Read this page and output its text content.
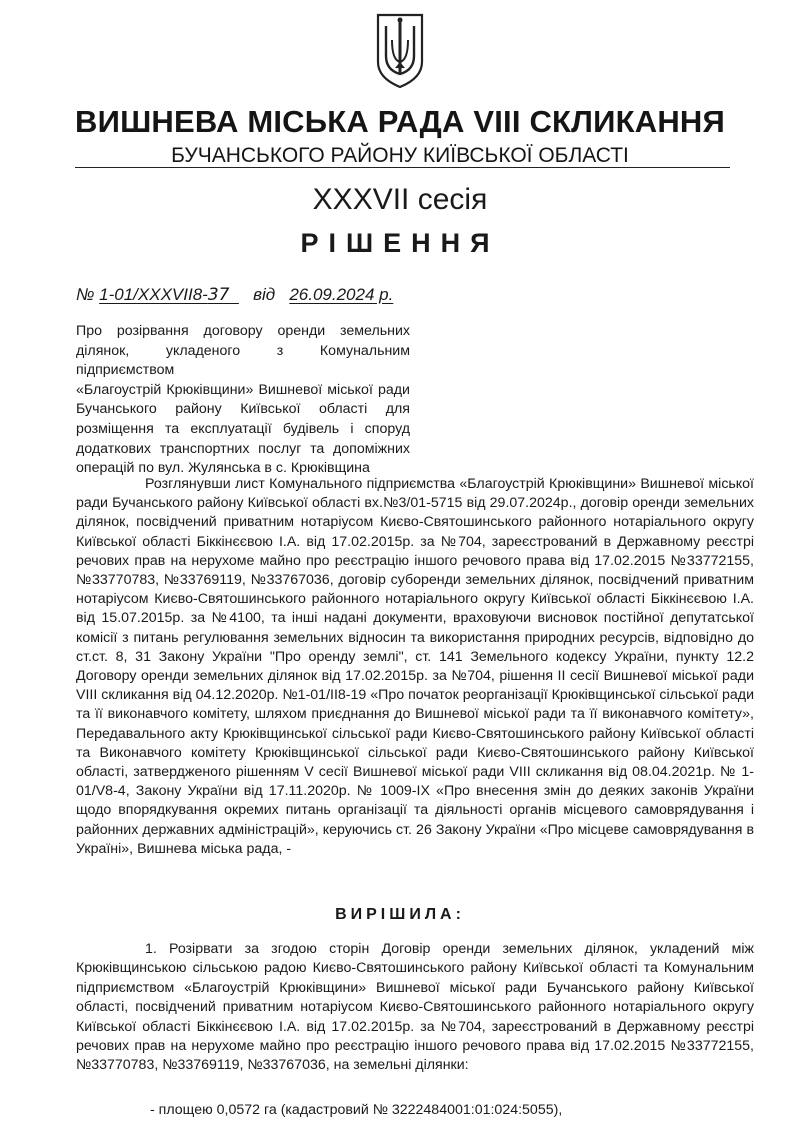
ВИШНЕВА МІСЬКА РАДА VIII СКЛИКАННЯ
БУЧАНСЬКОГО РАЙОНУ КИЇВСЬКОЇ ОБЛАСТІ
XXXVII сесія
РІШЕННЯ
№ 1-01/XXXVII8-37 від 26.09.2024 р.
Про розірвання договору оренди земельних
ділянок, укладеного з Комунальним підприємством
«Благоустрій Крюківщини» Вишневої міської ради
Бучанського району Київської області для
розміщення та експлуатації будівель і споруд
додаткових транспортних послуг та допоміжних
операцій по вул. Жулянська в с. Крюківщина
Розглянувши лист Комунального підприємства «Благоустрій Крюківщини» Вишневої міської ради Бучанського району Київської області вх.№3/01-5715 від 29.07.2024р., договір оренди земельних ділянок, посвідчений приватним нотаріусом Києво-Святошинського районного нотаріального округу Київської області Біккінєєвою І.А. від 17.02.2015р. за №704, зареєстрований в Державному реєстрі речових прав на нерухоме майно про реєстрацію іншого речового права від 17.02.2015 №33772155, №33770783, №33769119, №33767036, договір суборенди земельних ділянок, посвідчений приватним нотаріусом Києво-Святошинського районного нотаріального округу Київської області Біккінєєвою І.А. від 15.07.2015р. за №4100, та інші надані документи, враховуючи висновок постійної депутатської комісії з питань регулювання земельних відносин та використання природних ресурсів, відповідно до ст.ст. 8, 31 Закону України "Про оренду землі", ст. 141 Земельного кодексу України, пункту 12.2 Договору оренди земельних ділянок від 17.02.2015р. за №704, рішення ІІ сесії Вишневої міської ради VIII скликання від 04.12.2020р. №1-01/ІІ8-19 «Про початок реорганізації Крюківщинської сільської ради та її виконавчого комітету, шляхом приєднання до Вишневої міської ради та її виконавчого комітету», Передавального акту Крюківщинської сільської ради Києво-Святошинського району Київської області та Виконавчого комітету Крюківщинської сільської ради Києво-Святошинського району Київської області, затвердженого рішенням V сесії Вишневої міської ради VIII скликання від 08.04.2021р. № 1-01/V8-4, Закону України від 17.11.2020р. № 1009-IX «Про внесення змін до деяких законів України щодо впорядкування окремих питань організації та діяльності органів місцевого самоврядування і районних державних адміністрацій», керуючись ст. 26 Закону України «Про місцеве самоврядування в Україні», Вишнева міська рада, -
ВИРІШИЛА:
1. Розірвати за згодою сторін Договір оренди земельних ділянок, укладений між Крюківщинською сільською радою Києво-Святошинського району Київської області та Комунальним підприємством «Благоустрій Крюківщини» Вишневої міської ради Бучанського району Київської області, посвідчений приватним нотаріусом Києво-Святошинського районного нотаріального округу Київської області Біккінєєвою І.А. від 17.02.2015р. за №704, зареєстрований в Державному реєстрі речових прав на нерухоме майно про реєстрацію іншого речового права від 17.02.2015 №33772155, №33770783, №33769119, №33767036, на земельні ділянки:
- площею 0,0572 га (кадастровий № 3222484001:01:024:5055),
